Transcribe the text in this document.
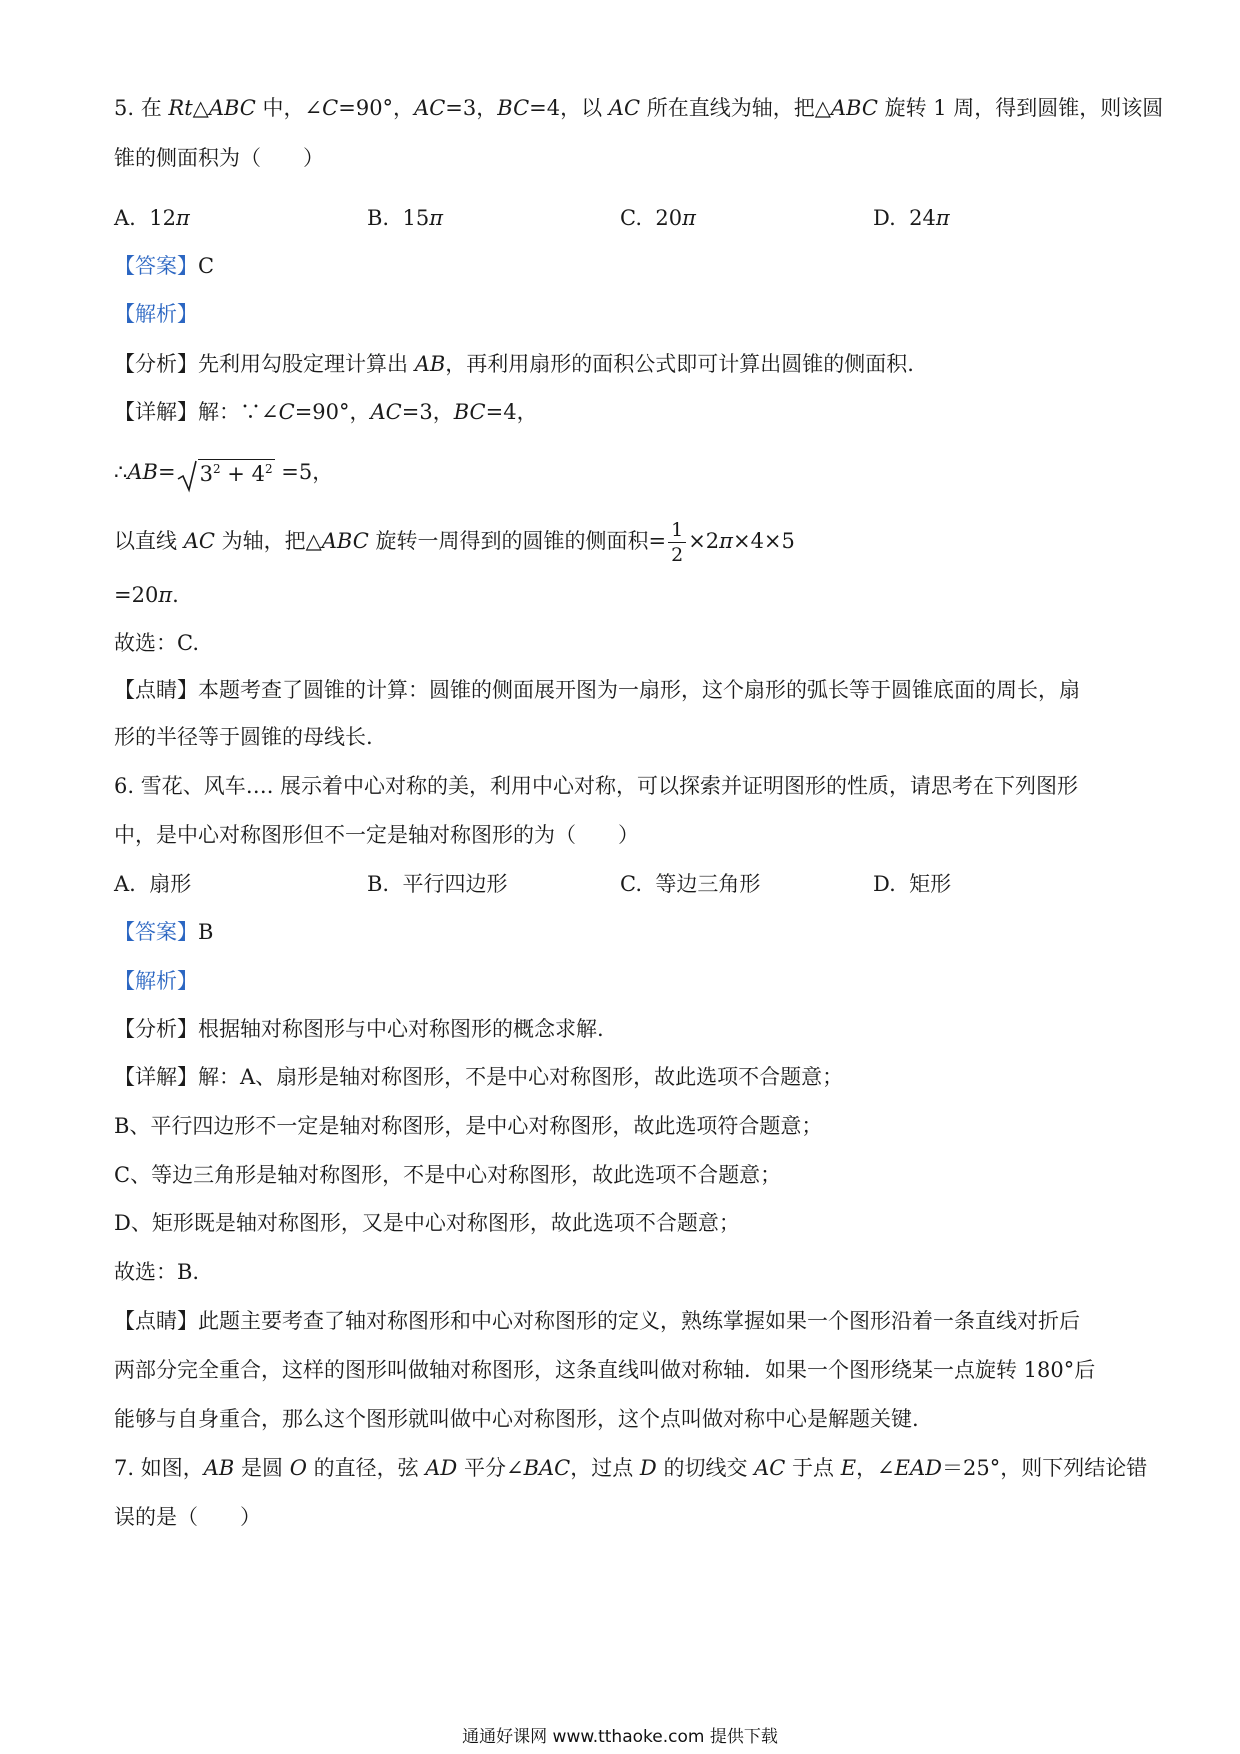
5. 在 Rt△ABC 中，∠C=90°，AC=3，BC=4，以 AC 所在直线为轴，把△ABC 旋转 1 周，得到圆锥，则该圆
锥的侧面积为（　　）
A. 12π	B. 15π	C. 20π	D. 24π
【答案】C
【解析】
【分析】先利用勾股定理计算出 AB，再利用扇形的面积公式即可计算出圆锥的侧面积.
【详解】解：∵∠C=90°，AC=3，BC=4，
∴AB= $3^2 + 4^2 =5$，
以直线 AC 为轴，把△ABC 旋转一周得到的圆锥的侧面积= $\frac{1}{2} \times 2\pi\times 4\times 5$
=20π.
故选：C.
【点睛】本题考查了圆锥的计算：圆锥的侧面展开图为一扇形，这个扇形的弧长等于圆锥底面的周长，扇
形的半径等于圆锥的母线长.
6. 雪花、风车…. 展示着中心对称的美，利用中心对称，可以探索并证明图形的性质，请思考在下列图形
中，是中心对称图形但不一定是轴对称图形的为（　　）
A. 扇形	B. 平行四边形	C. 等边三角形	D. 矩形
【答案】B
【解析】
【分析】根据轴对称图形与中心对称图形的概念求解.
【详解】解：A、扇形是轴对称图形，不是中心对称图形，故此选项不合题意；
B、平行四边形不一定是轴对称图形，是中心对称图形，故此选项符合题意；
C、等边三角形是轴对称图形，不是中心对称图形，故此选项不合题意；
D、矩形既是轴对称图形，又是中心对称图形，故此选项不合题意；
故选：B.
【点睛】此题主要考查了轴对称图形和中心对称图形的定义，熟练掌握如果一个图形沿着一条直线对折后
两部分完全重合，这样的图形叫做轴对称图形，这条直线叫做对称轴．如果一个图形绕某一点旋转 180°后
能够与自身重合，那么这个图形就叫做中心对称图形，这个点叫做对称中心是解题关键.
7. 如图，AB 是圆 O 的直径，弦 AD 平分∠BAC，过点 D 的切线交 AC 于点 E，∠EAD＝25°，则下列结论错
误的是（　　）
通通好课网 www.tthaoke.com 提供下载
